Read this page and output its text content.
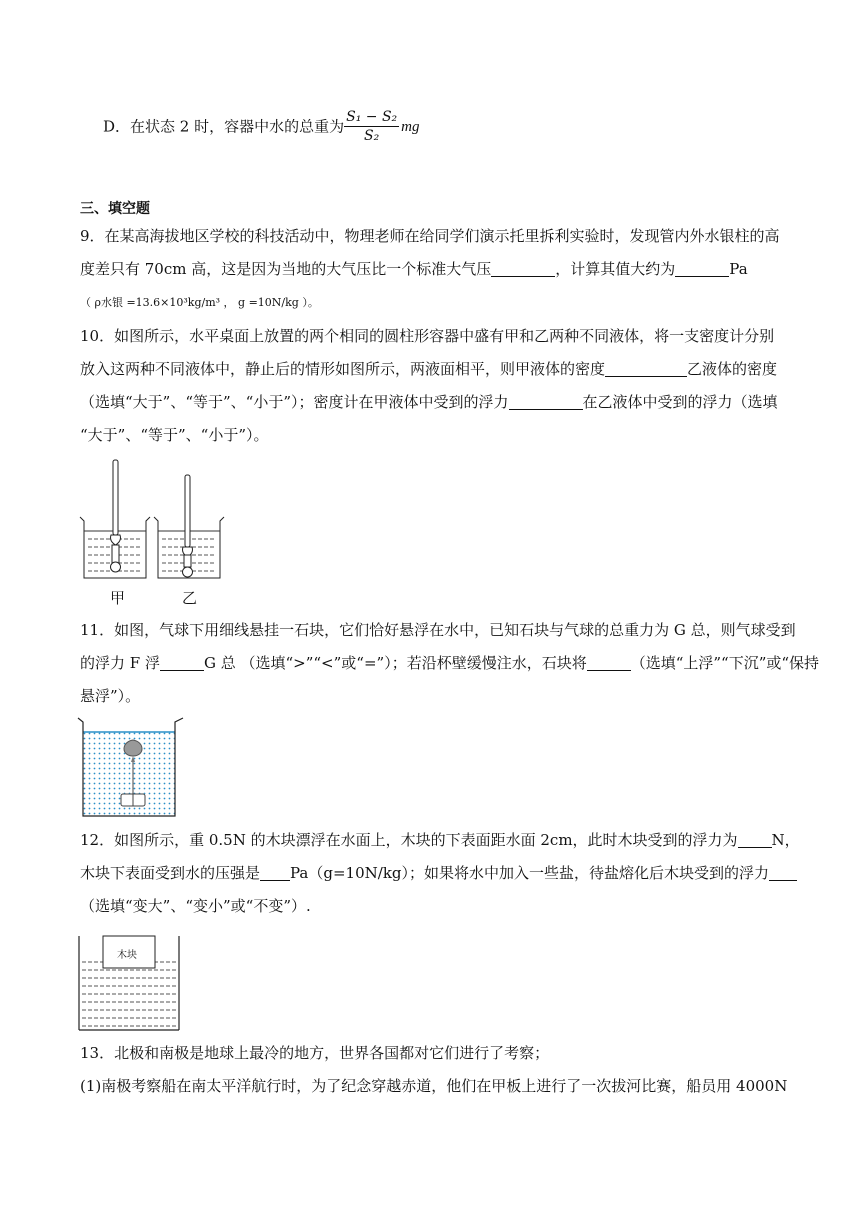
D．在状态 2 时，容器中水的总重为 $\frac{\text{S₁ − S₂}}{\text{S₂}}$ mg
三、填空题
9．在某高海拔地区学校的科技活动中，物理老师在给同学们演示托里拆利实验时，发现管内外水银柱的高
度差只有 70cm 高，这是因为当地的大气压比一个标准大气压	，计算其值大约为	Pa
（ ρ水银 =13.6×10³kg/m³ ， g =10N/kg ）。
10．如图所示，水平桌面上放置的两个相同的圆柱形容器中盛有甲和乙两种不同液体，将一支密度计分别
放入这两种不同液体中，静止后的情形如图所示，两液面相平，则甲液体的密度	乙液体的密度
（选填“大于”、“等于”、“小于”）；密度计在甲液体中受到的浮力	在乙液体中受到的浮力（选填
“大于”、“等于”、“小于”）。
甲	乙
11．如图，气球下用细线悬挂一石块，它们恰好悬浮在水中，已知石块与气球的总重力为 G 总，则气球受到
的浮力 F 浮	G 总 （选填“>”“<”或“=”）；若沿杯壁缓慢注水，石块将	（选填“上浮”“下沉”或“保持
悬浮”）。
12．如图所示，重 0.5N 的木块漂浮在水面上，木块的下表面距水面 2cm，此时木块受到的浮力为 N，
木块下表面受到水的压强是 Pa（g=10N/kg）；如果将水中加入一些盐，待盐熔化后木块受到的浮力
（选填“变大”、“变小”或“不变”）.
木块
13．北极和南极是地球上最冷的地方，世界各国都对它们进行了考察；
(1)南极考察船在南太平洋航行时，为了纪念穿越赤道，他们在甲板上进行了一次拔河比赛，船员用 4000N
